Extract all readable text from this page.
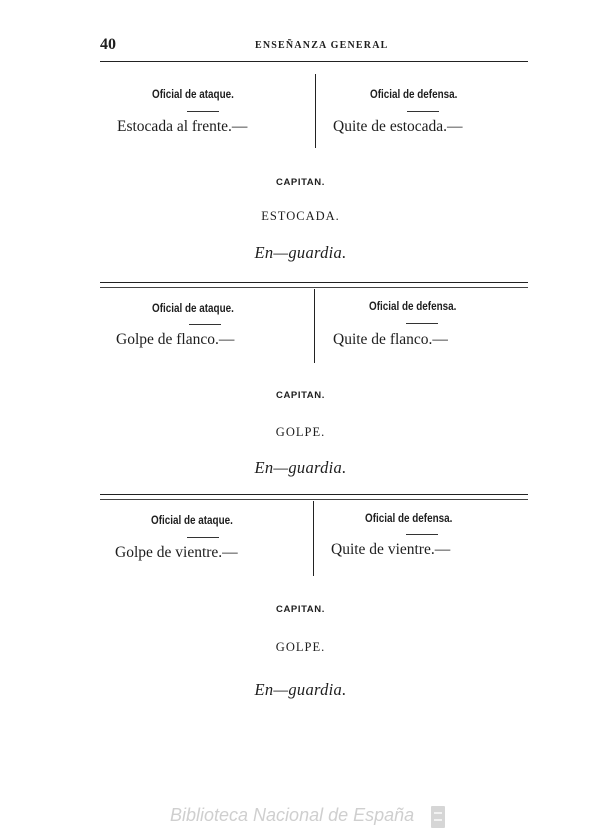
40	ENSEÑANZA GENERAL
Oficial de ataque.	Oficial de defensa.
Estocada al frente.—	Quite de estocada.—
CAPITAN.
ESTOCADA.
En—guardia.
Oficial de ataque.	Oficial de defensa.
Golpe de flanco.—	Quite de flanco.—
CAPITAN.
GOLPE.
En—guardia.
Oficial de ataque.	Oficial de defensa.
Golpe de vientre.—	Quite de vientre.—
CAPITAN.
GOLPE.
En—guardia.
Biblioteca Nacional de España
